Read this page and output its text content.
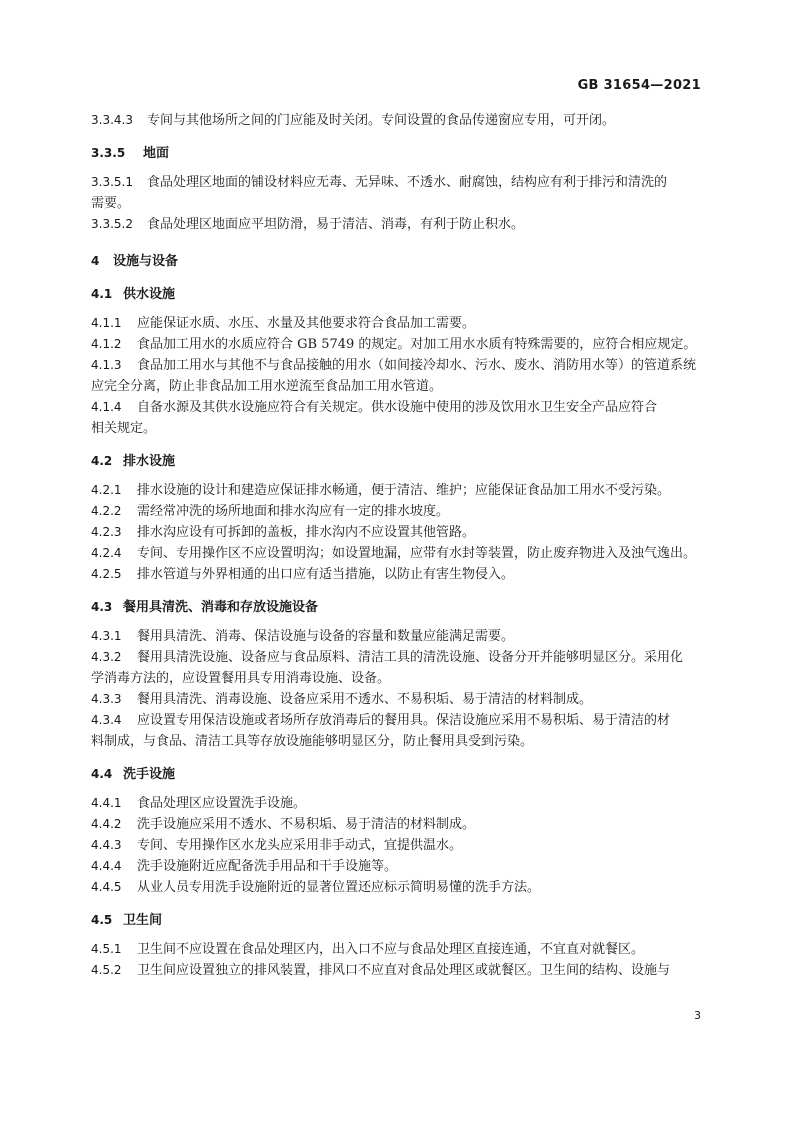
GB 31654—2021
3.3.4.3 专间与其他场所之间的门应能及时关闭。专间设置的食品传递窗应专用，可开闭。
3.3.5 地面
3.3.5.1 食品处理区地面的铺设材料应无毒、无异味、不透水、耐腐蚀，结构应有利于排污和清洗的
需要。
3.3.5.2 食品处理区地面应平坦防滑，易于清洁、消毒，有利于防止积水。
4 设施与设备
4.1 供水设施
4.1.1 应能保证水质、水压、水量及其他要求符合食品加工需要。
4.1.2 食品加工用水的水质应符合 GB 5749 的规定。对加工用水水质有特殊需要的，应符合相应规定。
4.1.3 食品加工用水与其他不与食品接触的用水（如间接冷却水、污水、废水、消防用水等）的管道系统
应完全分离，防止非食品加工用水逆流至食品加工用水管道。
4.1.4 自备水源及其供水设施应符合有关规定。供水设施中使用的涉及饮用水卫生安全产品应符合
相关规定。
4.2 排水设施
4.2.1 排水设施的设计和建造应保证排水畅通，便于清洁、维护；应能保证食品加工用水不受污染。
4.2.2 需经常冲洗的场所地面和排水沟应有一定的排水坡度。
4.2.3 排水沟应设有可拆卸的盖板，排水沟内不应设置其他管路。
4.2.4 专间、专用操作区不应设置明沟；如设置地漏，应带有水封等装置，防止废弃物进入及浊气逸出。
4.2.5 排水管道与外界相通的出口应有适当措施，以防止有害生物侵入。
4.3 餐用具清洗、消毒和存放设施设备
4.3.1 餐用具清洗、消毒、保洁设施与设备的容量和数量应能满足需要。
4.3.2 餐用具清洗设施、设备应与食品原料、清洁工具的清洗设施、设备分开并能够明显区分。采用化
学消毒方法的，应设置餐用具专用消毒设施、设备。
4.3.3 餐用具清洗、消毒设施、设备应采用不透水、不易积垢、易于清洁的材料制成。
4.3.4 应设置专用保洁设施或者场所存放消毒后的餐用具。保洁设施应采用不易积垢、易于清洁的材
料制成，与食品、清洁工具等存放设施能够明显区分，防止餐用具受到污染。
4.4 洗手设施
4.4.1 食品处理区应设置洗手设施。
4.4.2 洗手设施应采用不透水、不易积垢、易于清洁的材料制成。
4.4.3 专间、专用操作区水龙头应采用非手动式，宜提供温水。
4.4.4 洗手设施附近应配备洗手用品和干手设施等。
4.4.5 从业人员专用洗手设施附近的显著位置还应标示简明易懂的洗手方法。
4.5 卫生间
4.5.1 卫生间不应设置在食品处理区内，出入口不应与食品处理区直接连通，不宜直对就餐区。
4.5.2 卫生间应设置独立的排风装置，排风口不应直对食品处理区或就餐区。卫生间的结构、设施与
3
